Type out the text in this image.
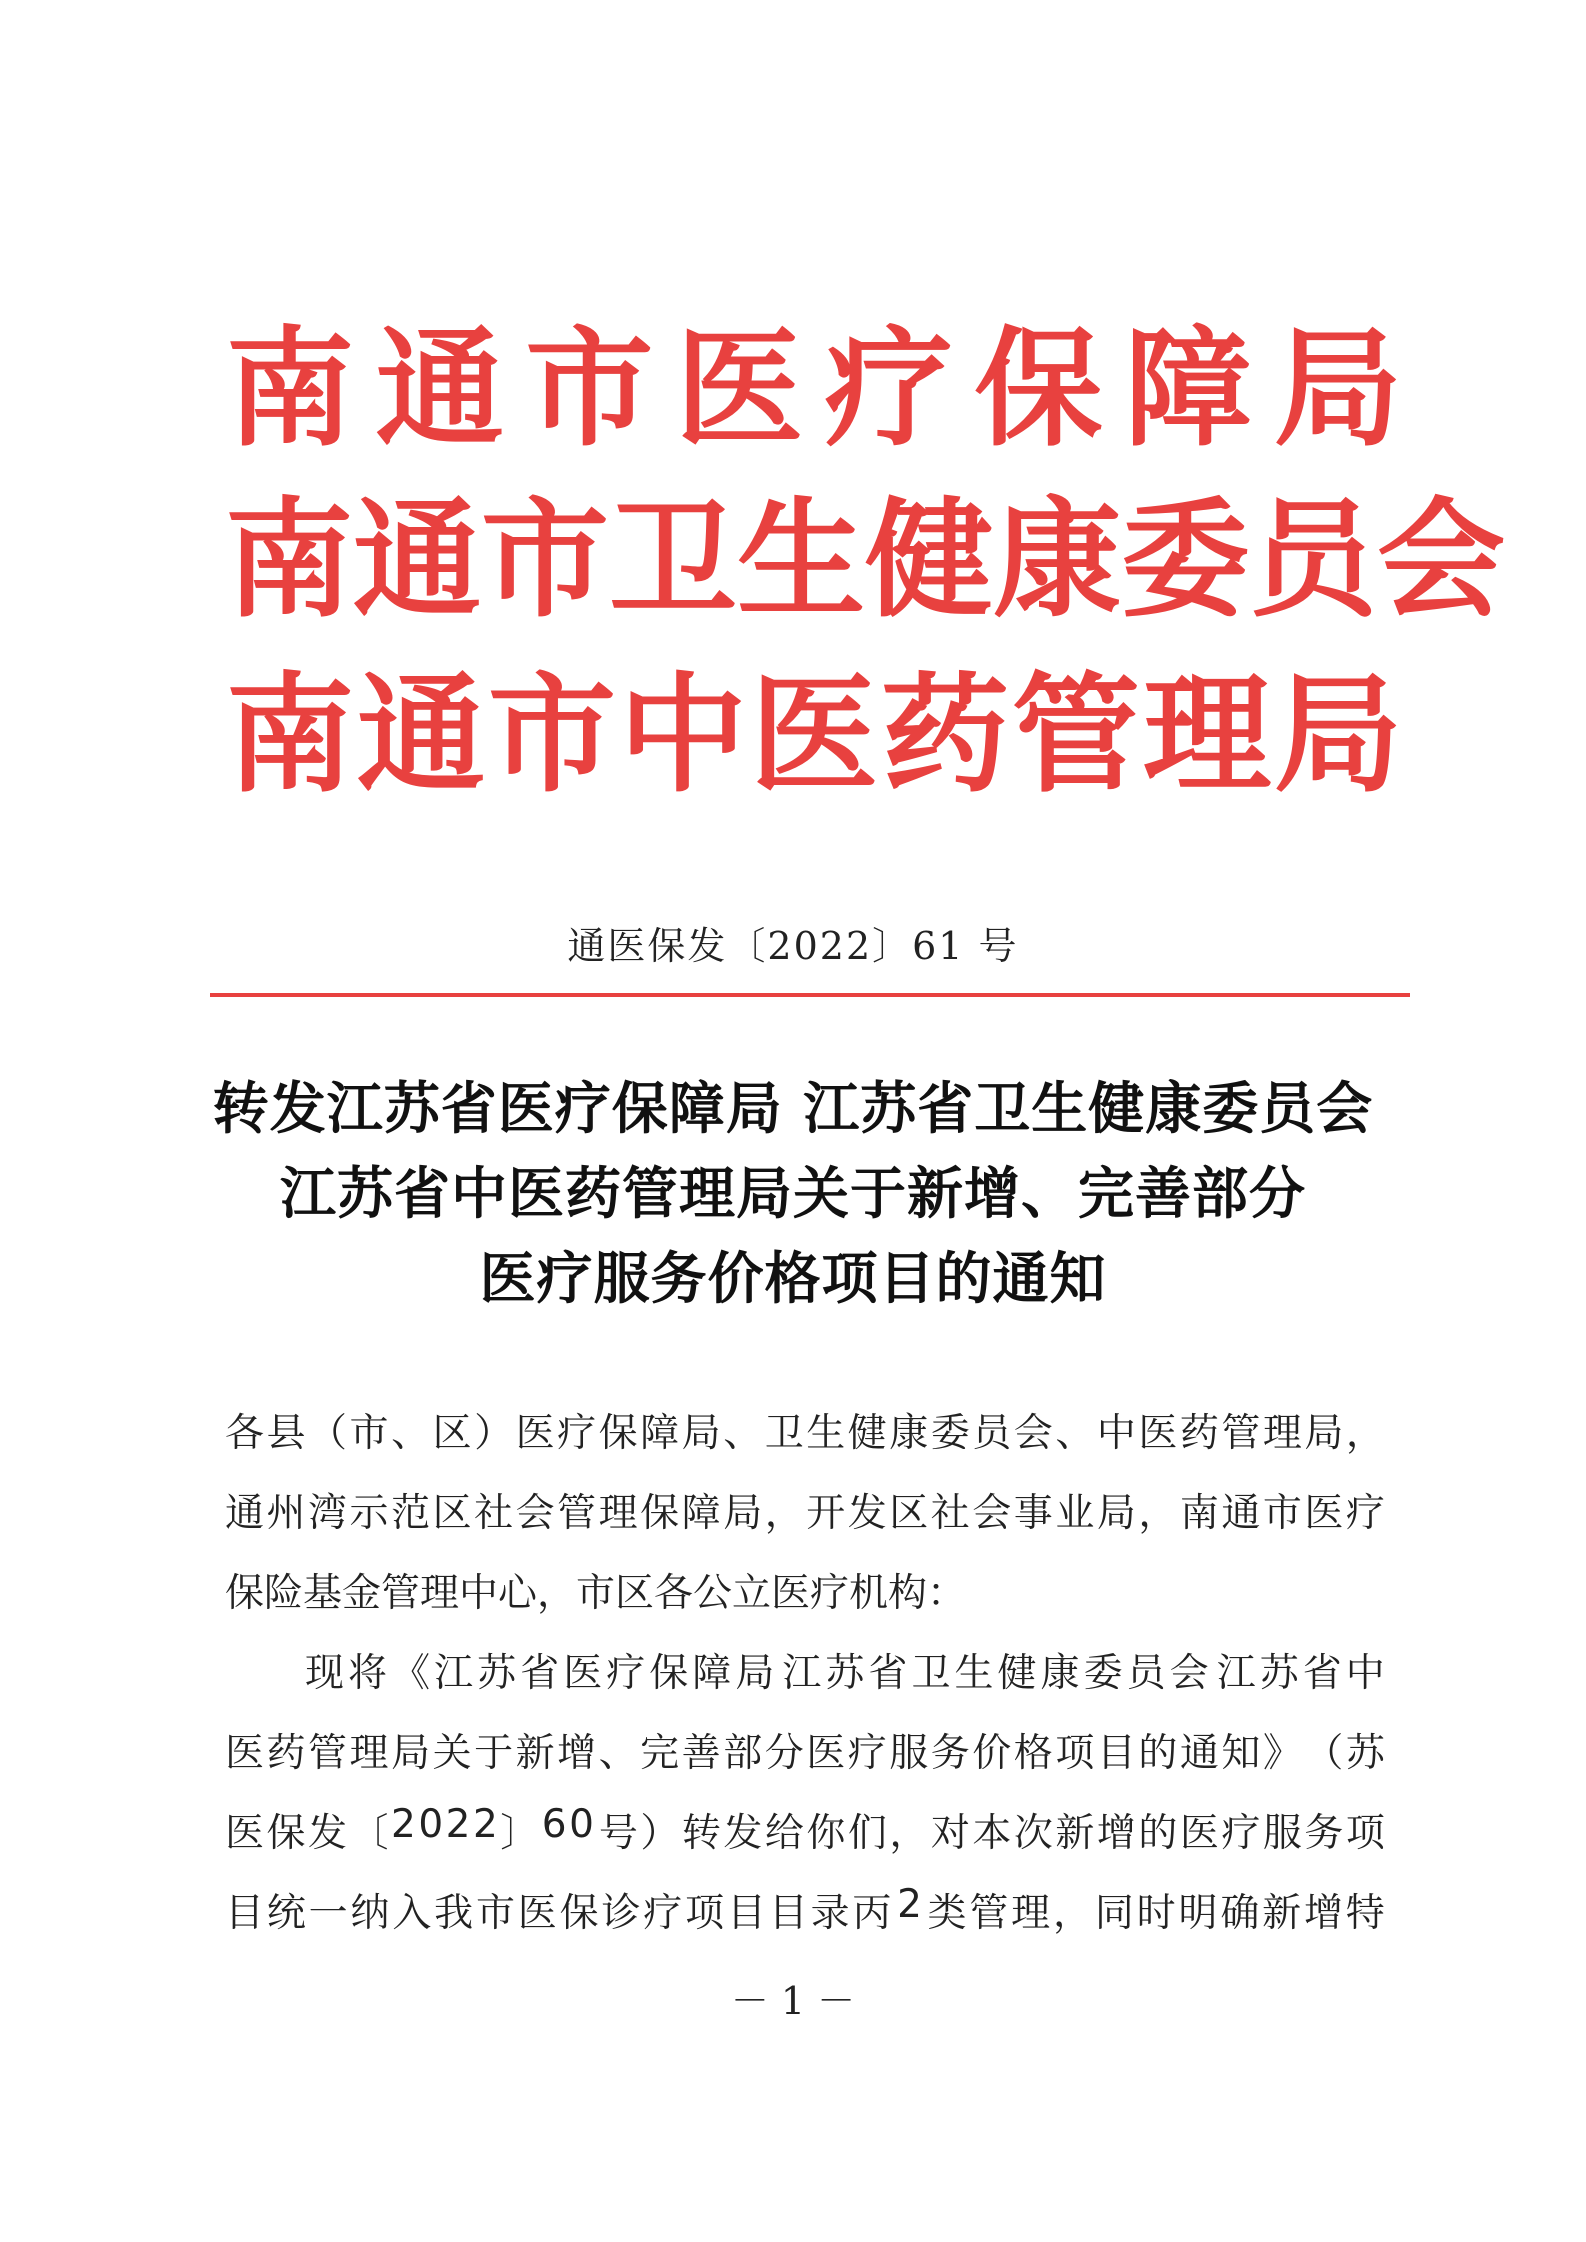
南 通 市 医 疗 保 障 局
南 通 市 卫 生 健 康 委 员 会
南 通 市 中 医 药 管 理 局
通医保发〔2022〕61 号
转发江苏省医疗保障局 江苏省卫生健康委员会
江苏省中医药管理局关于新增、完善部分
医疗服务价格项目的通知
各 县 （ 市 、 区 ） 医 疗 保 障 局 、 卫 生 健 康 委 员 会 、 中 医 药 管 理 局 ，
通 州 湾 示 范 区 社 会 管 理 保 障 局 ， 开 发 区 社 会 事 业 局 ， 南 通 市 医 疗
保险基金管理中心，市区各公立医疗机构：
现 将 《 江 苏 省 医 疗 保 障 局 江 苏 省 卫 生 健 康 委 员 会 江 苏 省 中
医 药 管 理 局 关 于 新 增 、 完 善 部 分 医 疗 服 务 价 格 项 目 的 通 知 》 （ 苏
医 保 发 〔 2 0 2 2 〕 6 0 号 ） 转 发 给 你 们 ， 对 本 次 新 增 的 医 疗 服 务 项
目 统 一 纳 入 我 市 医 保 诊 疗 项 目 目 录 丙 2 类 管 理 ， 同 时 明 确 新 增 特
－ 1 －
